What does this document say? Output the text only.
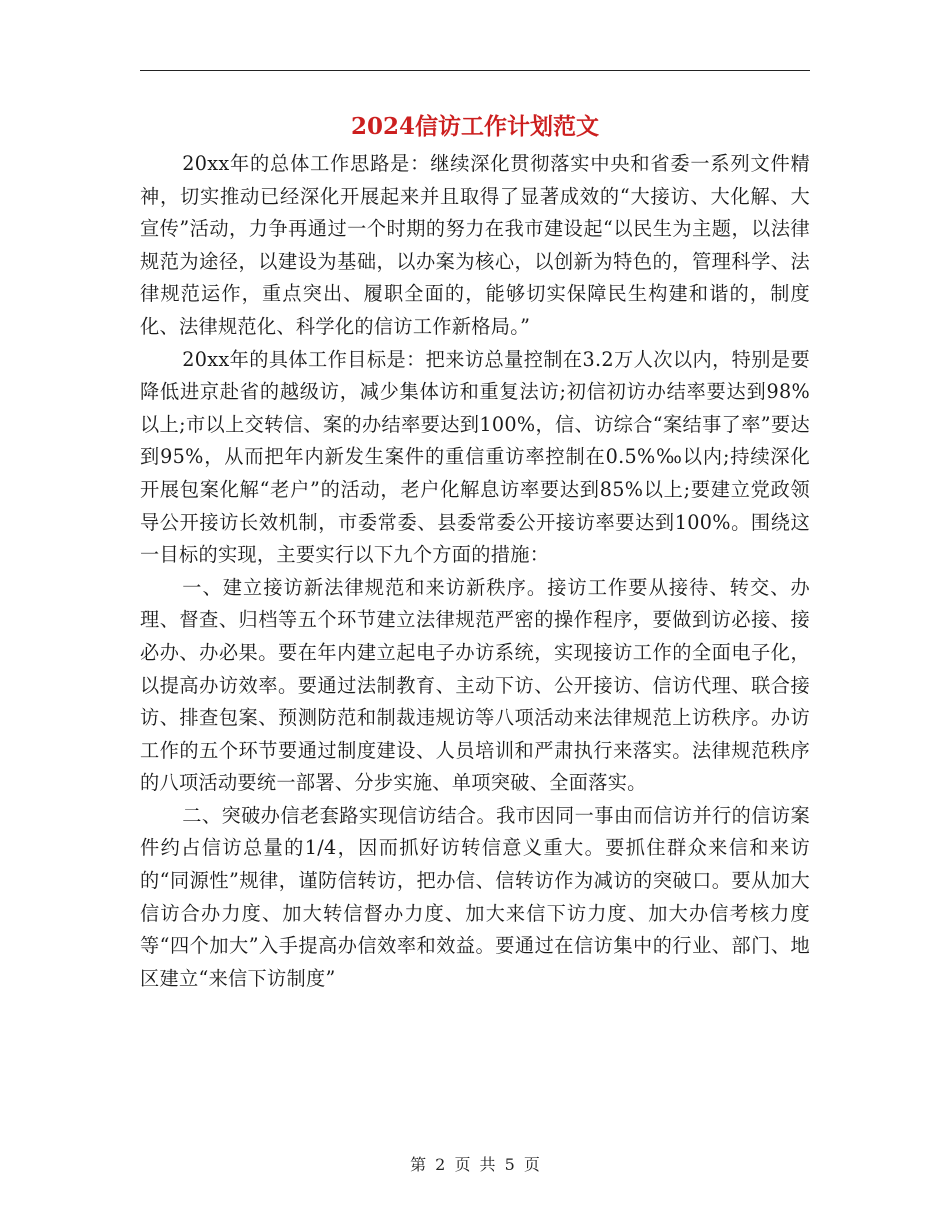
2024信访工作计划范文

20xx年的总体工作思路是：继续深化贯彻落实中央和省委一系列文件精神，切实推动已经深化开展起来并且取得了显著成效的“大接访、大化解、大宣传”活动，力争再通过一个时期的努力在我市建设起“以民生为主题，以法律规范为途径，以建设为基础，以办案为核心，以创新为特色的，管理科学、法律规范运作，重点突出、履职全面的，能够切实保障民生构建和谐的，制度化、法律规范化、科学化的信访工作新格局。”

20xx年的具体工作目标是：把来访总量控制在3.2万人次以内，特别是要降低进京赴省的越级访，减少集体访和重复法访;初信初访办结率要达到98%以上;市以上交转信、案的办结率要达到100%，信、访综合“案结事了率”要达到95%，从而把年内新发生案件的重信重访率控制在0.5%‰以内;持续深化开展包案化解“老户”的活动，老户化解息访率要达到85%以上;要建立党政领导公开接访长效机制，市委常委、县委常委公开接访率要达到100%。围绕这一目标的实现，主要实行以下九个方面的措施：

一、建立接访新法律规范和来访新秩序。接访工作要从接待、转交、办理、督查、归档等五个环节建立法律规范严密的操作程序，要做到访必接、接必办、办必果。要在年内建立起电子办访系统，实现接访工作的全面电子化，以提高办访效率。要通过法制教育、主动下访、公开接访、信访代理、联合接访、排查包案、预测防范和制裁违规访等八项活动来法律规范上访秩序。办访工作的五个环节要通过制度建设、人员培训和严肃执行来落实。法律规范秩序的八项活动要统一部署、分步实施、单项突破、全面落实。

二、突破办信老套路实现信访结合。我市因同一事由而信访并行的信访案件约占信访总量的1/4，因而抓好访转信意义重大。要抓住群众来信和来访的“同源性”规律，谨防信转访，把办信、信转访作为减访的突破口。要从加大信访合办力度、加大转信督办力度、加大来信下访力度、加大办信考核力度等“四个加大”入手提高办信效率和效益。要通过在信访集中的行业、部门、地区建立“来信下访制度”

第 2 页 共 5 页
